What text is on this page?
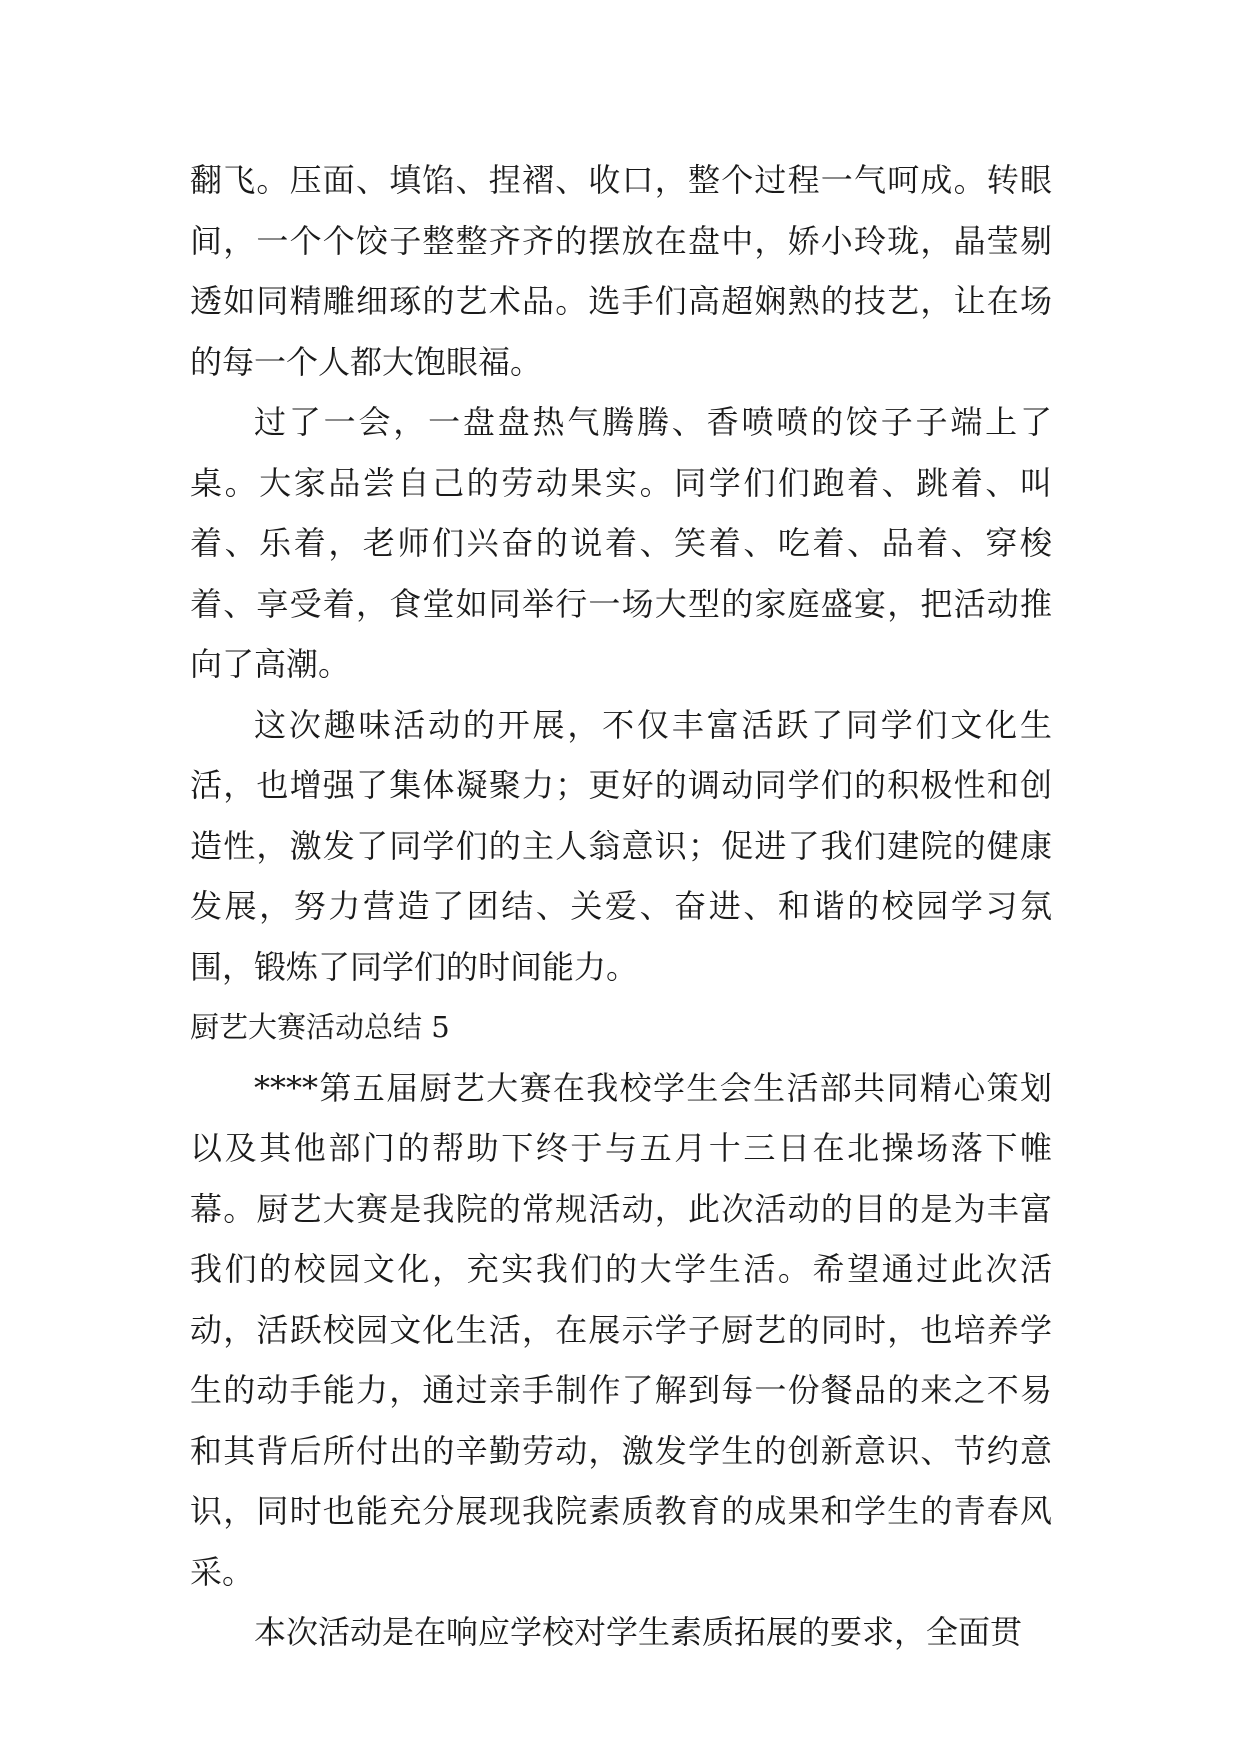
翻飞。压面、填馅、捏褶、收口，整个过程一气呵成。转眼间，一个个饺子整整齐齐的摆放在盘中，娇小玲珑，晶莹剔透如同精雕细琢的艺术品。选手们高超娴熟的技艺，让在场的每一个人都大饱眼福。

过了一会，一盘盘热气腾腾、香喷喷的饺子子端上了桌。大家品尝自己的劳动果实。同学们们跑着、跳着、叫着、乐着，老师们兴奋的说着、笑着、吃着、品着、穿梭着、享受着，食堂如同举行一场大型的家庭盛宴，把活动推向了高潮。

这次趣味活动的开展，不仅丰富活跃了同学们文化生活，也增强了集体凝聚力；更好的调动同学们的积极性和创造性，激发了同学们的主人翁意识；促进了我们建院的健康发展，努力营造了团结、关爱、奋进、和谐的校园学习氛围，锻炼了同学们的时间能力。

厨艺大赛活动总结 5

****第五届厨艺大赛在我校学生会生活部共同精心策划以及其他部门的帮助下终于与五月十三日在北操场落下帷幕。厨艺大赛是我院的常规活动，此次活动的目的是为丰富我们的校园文化，充实我们的大学生活。希望通过此次活动，活跃校园文化生活，在展示学子厨艺的同时，也培养学生的动手能力，通过亲手制作了解到每一份餐品的来之不易和其背后所付出的辛勤劳动，激发学生的创新意识、节约意识，同时也能充分展现我院素质教育的成果和学生的青春风采。

本次活动是在响应学校对学生素质拓展的要求，全面贯
